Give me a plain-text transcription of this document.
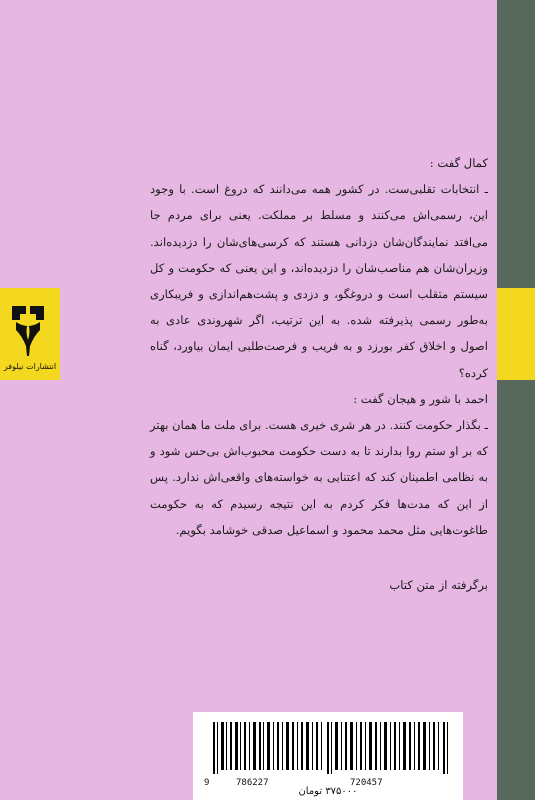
انتشارات نیلوفر

کمال گفت :

ـ انتخابات تقلبی‌ست. در کشور همه می‌دانند که دروغ است. با وجود این، رسمی‌اش می‌کنند و مسلط بر مملکت. یعنی برای مردم جا می‌افتد نمایندگان‌شان دزدانی هستند که کرسی‌های‌شان را دزدیده‌اند. وزیران‌شان هم مناصب‌شان را دزدیده‌اند، و این یعنی که حکومت و کل سیستم متقلب است و دروغگو، و دزدی و پشت‌هم‌اندازی و فریبکاری به‌طور رسمی پذیرفته شده. به این ترتیب، اگر شهروندی عادی به اصول و اخلاق کفر بورزد و به فریب و فرصت‌طلبی ایمان بیاورد، گناه کرده؟

احمد با شور و هیجان گفت :

ـ بگذار حکومت کنند. در هر شری خیری هست. برای ملت ما همان بهتر که بر او ستم روا بدارند تا به دست حکومت محبوب‌اش بی‌حس شود و به نظامی اطمینان کند که اعتنایی به خواسته‌های واقعی‌اش ندارد. پس از این که مدت‌ها فکر کردم به این نتیجه رسیدم که به حکومت طاغوت‌هایی مثل محمد محمود و اسماعیل صدقی خوشامد بگویم.

برگرفته از متن کتاب
9	786227	720457
۳۷۵۰۰۰ تومان
